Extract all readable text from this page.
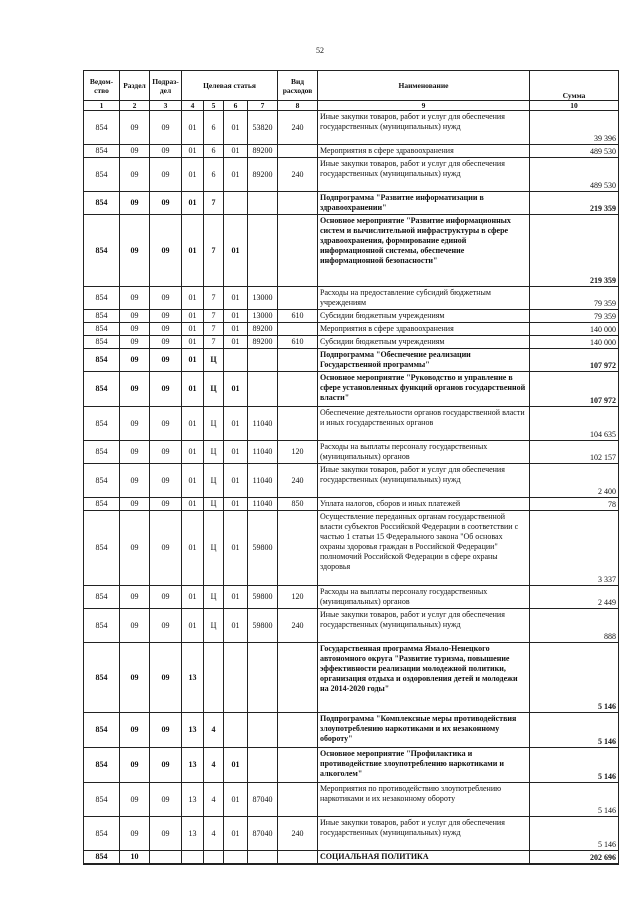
52
Ведом-ство	Раздел	Подраз-дел	Целевая статья				Вид расходов	Наименование	Сумма
1	2	3	4	5	6	7	8	9	10
854	09	09	01	6	01	53820	240	Иные закупки товаров, работ и услуг для обеспечения государственных (муниципальных) нужд	39 396
854	09	09	01	6	01	89200		Мероприятия в сфере здравоохранения	489 530
854	09	09	01	6	01	89200	240	Иные закупки товаров, работ и услуг для обеспечения государственных (муниципальных) нужд	489 530
854	09	09	01	7				Подпрограмма "Развитие информатизации в здравоохранении"	219 359
854	09	09	01	7	01			Основное мероприятие "Развитие информационных систем и вычислительной инфраструктуры в сфере здравоохранения, формирование единой информационной системы, обеспечение информационной безопасности"	219 359
854	09	09	01	7	01	13000		Расходы на предоставление субсидий бюджетным учреждениям	79 359
854	09	09	01	7	01	13000	610	Субсидии бюджетным учреждениям	79 359
854	09	09	01	7	01	89200		Мероприятия в сфере здравоохранения	140 000
854	09	09	01	7	01	89200	610	Субсидии бюджетным учреждениям	140 000
854	09	09	01	Ц				Подпрограмма "Обеспечение реализации Государственной программы"	107 972
854	09	09	01	Ц	01			Основное мероприятие "Руководство и управление в сфере установленных функций органов государственной власти"	107 972
854	09	09	01	Ц	01	11040		Обеспечение деятельности органов государственной власти и иных государственных органов	104 635
854	09	09	01	Ц	01	11040	120	Расходы на выплаты персоналу государственных (муниципальных) органов	102 157
854	09	09	01	Ц	01	11040	240	Иные закупки товаров, работ и услуг для обеспечения государственных (муниципальных) нужд	2 400
854	09	09	01	Ц	01	11040	850	Уплата налогов, сборов и иных платежей	78
854	09	09	01	Ц	01	59800		Осуществление переданных органам государственной власти субъектов Российской Федерации в соответствии с частью 1 статьи 15 Федерального закона "Об основах охраны здоровья граждан в Российской Федерации" полномочий Российской Федерации в сфере охраны здоровья	3 337
854	09	09	01	Ц	01	59800	120	Расходы на выплаты персоналу государственных (муниципальных) органов	2 449
854	09	09	01	Ц	01	59800	240	Иные закупки товаров, работ и услуг для обеспечения государственных (муниципальных) нужд	888
854	09	09	13					Государственная программа Ямало-Ненецкого автономного округа "Развитие туризма, повышение эффективности реализации молодежной политики, организация отдыха и оздоровления детей и молодежи на 2014-2020 годы"	5 146
854	09	09	13	4				Подпрограмма "Комплексные меры противодействия злоупотреблению наркотиками и их незаконному обороту"	5 146
854	09	09	13	4	01			Основное мероприятие "Профилактика и противодействие злоупотреблению наркотиками и алкоголем"	5 146
854	09	09	13	4	01	87040		Мероприятия по противодействию злоупотреблению наркотиками и их незаконному обороту	5 146
854	09	09	13	4	01	87040	240	Иные закупки товаров, работ и услуг для обеспечения государственных (муниципальных) нужд	5 146
854	10							СОЦИАЛЬНАЯ ПОЛИТИКА	202 696
